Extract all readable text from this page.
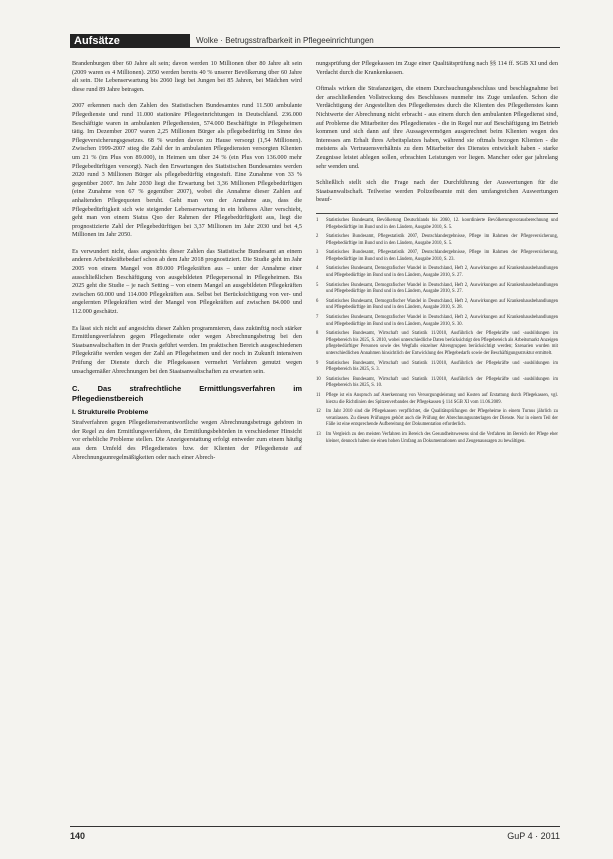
Aufsätze	Wolke · Betrugsstrafbarkeit in Pflegeeinrichtungen

Brandenburgen über 60 Jahre alt sein; davon werden 10 Millionen über 80 Jahre alt sein (2009 waren es 4 Millionen). 2050 werden bereits 40 % unserer Bevölkerung über 60 Jahre alt sein. Die Lebenserwartung bis 2060 liegt bei Jungen bei 85 Jahren, bei Mädchen wird diese rund 89 Jahre betragen.

2007 erkennen nach den Zahlen des Statistischen Bundesamtes rund 11.500 ambulante Pflegedienste und rund 11.000 stationäre Pflegeeinrichtungen in Deutschland. 236.000 Beschäftigte waren in ambulanten Pflegediensten, 574.000 Beschäftigte in Pflegeheimen tätig. Im Dezember 2007 waren 2,25 Millionen Bürger als pflegebedürftig im Sinne des Pflegeversicherungsgesetzes. 68 % wurden davon zu Hause versorgt (1,54 Millionen). Zwischen 1999-2007 stieg die Zahl der in ambulanten Pflegediensten versorgten Klienten um 21 % (im Plus von 89.000), in Heimen um über 24 % (ein Plus von 136.000 mehr Pflegebedürftigen versorgt). Nach den Erwartungen des Statistischen Bundesamtes werden 2020 rund 3 Millionen Bürger als pflegebedürftig eingestuft. Eine Zunahme von 33 % gegenüber 2007. Im Jahr 2030 liegt die Erwartung bei 3,36 Millionen Pflegebedürftigen (eine Zunahme von 67 % gegenüber 2007), wobei die Annahme dieser Zahlen auf anhaltenden Pflegequoten beruht. Geht man von der Annahme aus, dass die Pflegebedürftigkeit sich wie steigender Lebenserwartung in ein höheres Alter verschiebt, geht man von einem Status Quo der Rahmen der Pflegebedürftigkeit aus, liegt die prognostizierte Zahl der Pflegebedürftigen bei 3,37 Millionen im Jahr 2030 und bei 4,5 Millionen im Jahr 2050.

Es verwundert nicht, dass angesichts dieser Zahlen das Statistische Bundesamt an einem anderen Arbeitskräftebedarf schon ab dem Jahr 2018 prognostiziert. Die Studie geht im Jahr 2005 von einem Mangel von 89.000 Pflegekräften aus – unter der Annahme einer ausschließlichen Beschäftigung von ausgebildeten Pflegepersonal in Pflegeheimen. Bis 2025 geht die Studie – je nach Setting – von einem Mangel an ausgebildeten Pflegekräften zwischen 60.000 und 114.000 Pflegekräften aus. Selbst bei Berücksichtigung von ver- und angelernten Pflegekräften wird der Mangel von Pflegekräften auf zwischen 84.000 und 112.000 geschätzt.

Es lässt sich nicht auf angesichts dieser Zahlen programmieren, dass zukünftig noch stärker Ermittlungsverfahren gegen Pflegedienste oder wegen Abrechnungsbetrug bei den Staatsanwaltschaften in der Praxis geführt werden. Im praktischen Bereich ausgeschiedenen Pflegekräfte werden wegen der Zahl an Pflegeheimen und der noch in Zukunft intensiven Prüfung der Dienste durch die Pflegekassen vermehrt Verfahren genutzt wegen unsachgemäßer Abrechnungen bei den Staatsanwaltschaften zu erwarten sein.

C. Das strafrechtliche Ermittlungsverfahren im Pflegedienstbereich
I. Strukturelle Probleme

Strafverfahren gegen Pflegedienstverantwortliche wegen Abrechnungsbetrugs gehören in der Regel zu den Ermittlungsverfahren, die Ermittlungsbehörden in verschiedener Hinsicht vor erhebliche Probleme stellen. Die Anzeigeerstattung erfolgt entweder zum einem häufig aus dem Umfeld des Pflegedienstes bzw. der Klienten der Pflegedienste auf Abrechnungsunregelmäßigkeiten oder nach einer Abrech-

nungsprüfung der Pflegekassen im Zuge einer Qualitätsprüfung nach §§ 114 ff. SGB XI und den Verdacht durch die Krankenkassen.

Oftmals wirken die Strafanzeigen, die einem Durchsuchungsbeschluss und beschlagnahme bei der anschließenden Vollstreckung des Beschlusses nunmehr ins Zuge umlaufen. Schon die Verdächtigung der Angestellten des Pflegedienstes durch die Klienten des Pflegedienstes kann Nichtwerte der Abrechnung nicht erbracht - aus einem durch den ambulanten Pflegedienst sind, auf Probleme die Mitarbeiter des Pflegedienstes - die in Regel nur auf Beschäftigung im Betrieb kommen und sich dann auf ihre Aussagevermögen ausgerechnet beim Klienten wegen des Interesses am Erhalt ihres Arbeitsplatzes haben, während sie oftmals bezogen Klienten - die meistens als Vertrauensverhältnis zu dem Mitarbeiter des Dienstes entwickelt haben - starke Zeugnisse leistet ablegen sollen, erbrachten Leistungen vor liegen. Mancher oder gar jahrelang sehr wenden und.

Schließlich stellt sich die Frage nach der Durchführung der Auswertungen für die Staatsanwaltschaft. Teilweise werden Polizeibeamte mit den umfangreichen Auswertungen beauf-

1	Statistisches Bundesamt, Bevölkerung Deutschlands bis 2060, 12. koordinierte Bevölkerungsvorausberechnung und Pflegebedürftige im Bund und in den Ländern, Ausgabe 2010, S. 5.
2	Statistisches Bundesamt, Pflegestatistik 2007, Deutschlandergebnisse, Pflege im Rahmen der Pflegeversicherung, Pflegebedürftige im Bund und in den Ländern, Ausgabe 2010, S. 5.
3	Statistisches Bundesamt, Pflegestatistik 2007, Deutschlandergebnisse, Pflege im Rahmen der Pflegeversicherung, Pflegebedürftige im Bund und in den Ländern, Ausgabe 2010, S. 23.
4	Statistisches Bundesamt, Demografischer Wandel in Deutschland, Heft 2, Auswirkungen auf Krankenhausbehandlungen und Pflegebedürftige im Bund und in den Ländern, Ausgabe 2010, S. 27.
5	Statistisches Bundesamt, Demografischer Wandel in Deutschland, Heft 2, Auswirkungen auf Krankenhausbehandlungen und Pflegebedürftige im Bund und in den Ländern, Ausgabe 2010, S. 27.
6	Statistisches Bundesamt, Demografischer Wandel in Deutschland, Heft 2, Auswirkungen auf Krankenhausbehandlungen und Pflegebedürftige im Bund und in den Ländern, Ausgabe 2010, S. 28.
7	Statistisches Bundesamt, Demografischer Wandel in Deutschland, Heft 2, Auswirkungen auf Krankenhausbehandlungen und Pflegebedürftige im Bund und in den Ländern, Ausgabe 2010, S. 30.
8	Statistisches Bundesamt, Wirtschaft und Statistik 11/2010, Ausführlich der Pflegekräfte und -ausbildungen im Pflegebereich bis 2025, S. 2010, wobei unterschiedliche Daten berücksichtigt den Pflegebereich als Arbeitsmarkt Anzeigen pflegebedürftiger Personen sowie des Wegfalls einzelner Altersgruppen berücksichtigt werden; Szenarien wurden mit unterschiedlichen Annahmen hinsichtlich der Entwicklung des Pflegebedarfs sowie der Beschäftigungsstruktur ermittelt.
9	Statistisches Bundesamt, Wirtschaft und Statistik 11/2010, Ausführlich der Pflegekräfte und -ausbildungen im Pflegebereich bis 2025, S. 3.
10	Statistisches Bundesamt, Wirtschaft und Statistik 11/2010, Ausführlich der Pflegekräfte und -ausbildungen im Pflegebereich bis 2025, S. 10.
11	Pflege ist ein Anspruch auf Anerkennung von Versorgungsleistung und Kosten auf Erstattung durch Pflegekassen, vgl. hierzu die Richtlinien des Spitzenverbandes der Pflegekassen § 114 SGB XI vom 11.06.2009.
12	Im Jahr 2010 sind die Pflegekassen verpflichtet, die Qualitätsprüfungen der Pflegeheime in einem Turnus jährlich zu veranlassen. Zu diesen Prüfungen gehört auch die Prüfung der Abrechnungsunterlagen der Dienste. Nur in einem Teil der Fälle ist eine entsprechende Aufbereitung der Dokumentation erforderlich.
13	Im Vergleich zu den meisten Verfahren im Bereich des Gesundheitswesens sind die Verfahren im Bereich der Pflege eher kleiner, dennoch haben sie einen hohen Umfang an Dokumentationen und Zeugenaussagen zu bewältigen.
140	GuP 4 · 2011
